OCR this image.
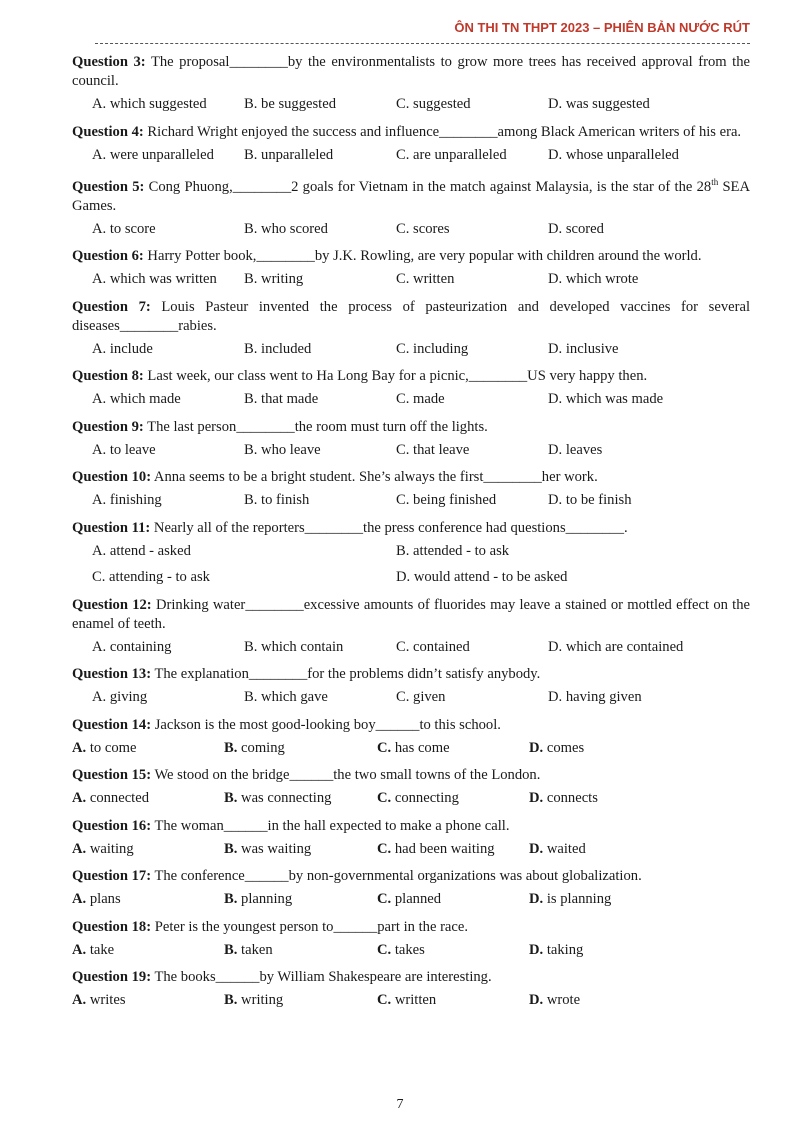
ÔN THI TN THPT 2023 – PHIÊN BẢN NƯỚC RÚT

Question 3: The proposal________by the environmentalists to grow more trees has received approval from the council.

A. which suggested	B. be suggested	C. suggested	D. was suggested

Question 4: Richard Wright enjoyed the success and influence________among Black American writers of his era.

A. were unparalleled B. unparalleled	C. are unparalleled	D. whose unparalleled

Question 5: Cong Phuong,________2 goals for Vietnam in the match against Malaysia, is the star of the 28th SEA Games.

A. to score	B. who scored	C. scores	D. scored

Question 6: Harry Potter book,________by J.K. Rowling, are very popular with children around the world.

A. which was written B. writing	C. written	D. which wrote

Question 7: Louis Pasteur invented the process of pasteurization and developed vaccines for several diseases________rabies.

A. include	B. included	C. including	D. inclusive

Question 8: Last week, our class went to Ha Long Bay for a picnic,________US very happy then.

A. which made	B. that made	C. made	D. which was made

Question 9: The last person________the room must turn off the lights.

A. to leave	B. who leave	C. that leave	D. leaves

Question 10: Anna seems to be a bright student. She’s always the first________her work.

A. finishing	B. to finish	C. being finished	D. to be finish

Question 11: Nearly all of the reporters________the press conference had questions________.

A. attend - asked	B. attended - to ask
C. attending - to ask	D. would attend - to be asked

Question 12: Drinking water________excessive amounts of fluorides may leave a stained or mottled effect on the enamel of teeth.

A. containing	B. which contain	C. contained	D. which are contained

Question 13: The explanation________for the problems didn’t satisfy anybody.

A. giving	B. which gave	C. given	D. having given

Question 14: Jackson is the most good-looking boy______to this school.

A. to come	B. coming	C. has come	D. comes

Question 15: We stood on the bridge______the two small towns of the London.

A. connected	B. was connecting	C. connecting	D. connects

Question 16: The woman______in the hall expected to make a phone call.

A. waiting	B. was waiting	C. had been waiting D. waited

Question 17: The conference______by non-governmental organizations was about globalization.

A. plans	B. planning	C. planned	D. is planning

Question 18: Peter is the youngest person to______part in the race.

A. take	B. taken	C. takes	D. taking

Question 19: The books______by William Shakespeare are interesting.

A. writes	B. writing	C. written	D. wrote
7
